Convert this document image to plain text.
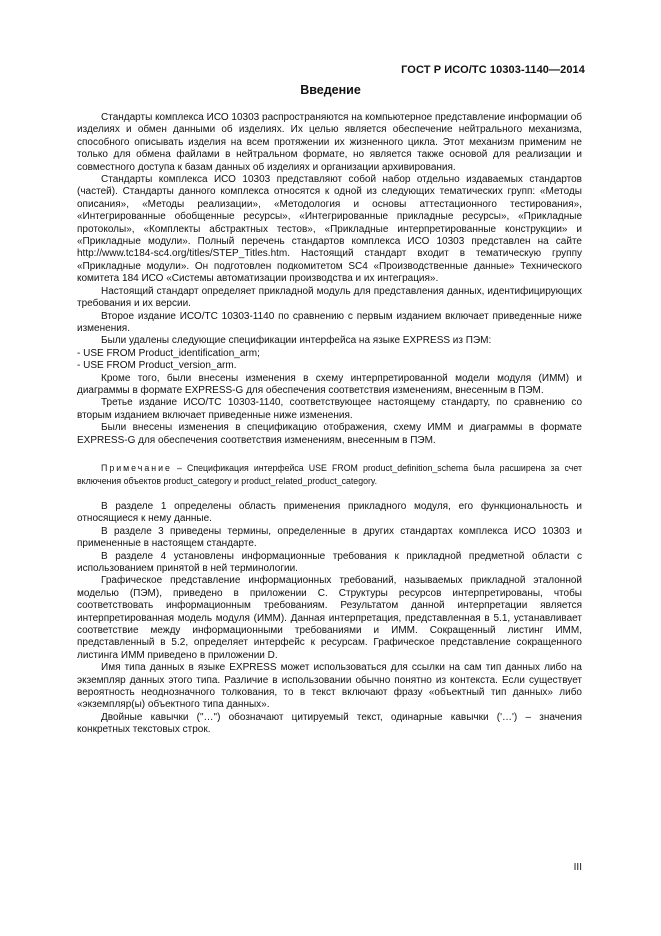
ГОСТ Р ИСО/ТС 10303-1140—2014
Введение

Стандарты комплекса ИСО 10303 распространяются на компьютерное представление информации об изделиях и обмен данными об изделиях. Их целью является обеспечение нейтрального механизма, способного описывать изделия на всем протяжении их жизненного цикла. Этот механизм применим не только для обмена файлами в нейтральном формате, но является также основой для реализации и совместного доступа к базам данных об изделиях и организации архивирования.

Стандарты комплекса ИСО 10303 представляют собой набор отдельно издаваемых стандартов (частей). Стандарты данного комплекса относятся к одной из следующих тематических групп: «Методы описания», «Методы реализации», «Методология и основы аттестационного тестирования», «Интегрированные обобщенные ресурсы», «Интегрированные прикладные ресурсы», «Прикладные протоколы», «Комплекты абстрактных тестов», «Прикладные интерпретированные конструкции» и «Прикладные модули». Полный перечень стандартов комплекса ИСО 10303 представлен на сайте http://www.tc184-sc4.org/titles/STEP_Titles.htm. Настоящий стандарт входит в тематическую группу «Прикладные модули». Он подготовлен подкомитетом SC4 «Производственные данные» Технического комитета 184 ИСО «Системы автоматизации производства и их интеграция».

Настоящий стандарт определяет прикладной модуль для представления данных, идентифицирующих требования и их версии.

Второе издание ИСО/ТС 10303-1140 по сравнению с первым изданием включает приведенные ниже изменения.

Были удалены следующие спецификации интерфейса на языке EXPRESS из ПЭМ:

- USE FROM Product_identification_arm;

- USE FROM Product_version_arm.

Кроме того, были внесены изменения в схему интерпретированной модели модуля (ИММ) и диаграммы в формате EXPRESS-G для обеспечения соответствия изменениям, внесенным в ПЭМ.

Третье издание ИСО/ТС 10303-1140, соответствующее настоящему стандарту, по сравнению со вторым изданием включает приведенные ниже изменения.

Были внесены изменения в спецификацию отображения, схему ИММ и диаграммы в формате EXPRESS-G для обеспечения соответствия изменениям, внесенным в ПЭМ.

Примечание – Спецификация интерфейса USE FROM product_definition_schema была расширена за счет включения объектов product_category и product_related_product_category.

В разделе 1 определены область применения прикладного модуля, его функциональность и относящиеся к нему данные.

В разделе 3 приведены термины, определенные в других стандартах комплекса ИСО 10303 и примененные в настоящем стандарте.

В разделе 4 установлены информационные требования к прикладной предметной области с использованием принятой в ней терминологии.

Графическое представление информационных требований, называемых прикладной эталонной моделью (ПЭМ), приведено в приложении С. Структуры ресурсов интерпретированы, чтобы соответствовать информационным требованиям. Результатом данной интерпретации является интерпретированная модель модуля (ИММ). Данная интерпретация, представленная в 5.1, устанавливает соответствие между информационными требованиями и ИММ. Сокращенный листинг ИММ, представленный в 5.2, определяет интерфейс к ресурсам. Графическое представление сокращенного листинга ИММ приведено в приложении D.

Имя типа данных в языке EXPRESS может использоваться для ссылки на сам тип данных либо на экземпляр данных этого типа. Различие в использовании обычно понятно из контекста. Если существует вероятность неоднозначного толкования, то в текст включают фразу «объектный тип данных» либо «экземпляр(ы) объектного типа данных».

Двойные кавычки ("…") обозначают цитируемый текст, одинарные кавычки ('…') – значения конкретных текстовых строк.

III
